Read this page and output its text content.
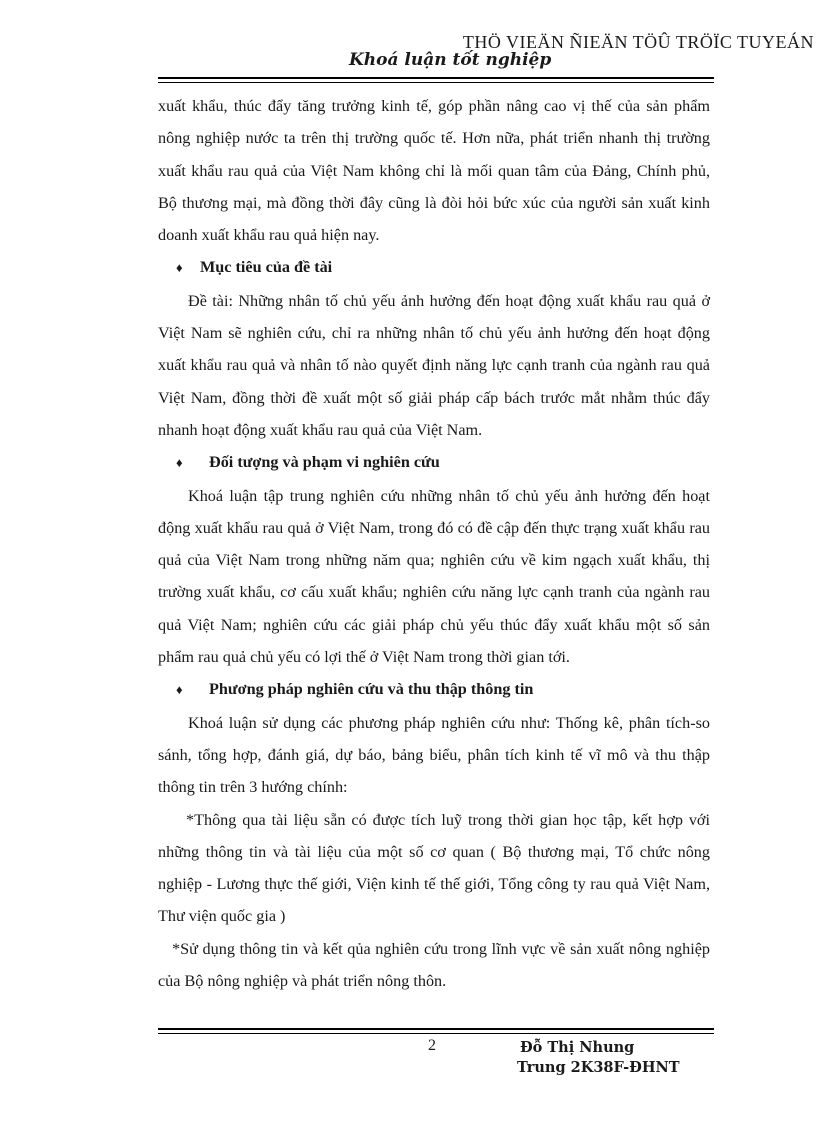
THÖ VIEÄN ÑIEÄN TÖÛ TRÖÏC TUYEÁN
Khoá luận tốt nghiệp

xuất khẩu, thúc đẩy tăng trưởng kinh tế, góp phần nâng cao vị thế của sản phẩm nông nghiệp nước ta trên thị trường quốc tế. Hơn nữa, phát triển nhanh thị trường xuất khẩu rau quả của Việt Nam không chỉ là mối quan tâm của Đảng, Chính phủ, Bộ thương mại, mà đồng thời đây cũng là đòi hỏi bức xúc của người sản xuất kinh doanh xuất khẩu rau quả hiện nay.

♦ Mục tiêu của đề tài

Đề tài: Những nhân tố chủ yếu ảnh hưởng đến hoạt động xuất khẩu rau quả ở Việt Nam sẽ nghiên cứu, chỉ ra những nhân tố chủ yếu ảnh hưởng đến hoạt động xuất khẩu rau quả và nhân tố nào quyết định năng lực cạnh tranh của ngành rau quả Việt Nam, đồng thời đề xuất một số giải pháp cấp bách trước mắt nhằm thúc đẩy nhanh hoạt động xuất khẩu rau quả của Việt Nam.

♦ Đối tượng và phạm vi nghiên cứu

Khoá luận tập trung nghiên cứu những nhân tố chủ yếu ảnh hưởng đến hoạt động xuất khẩu rau quả ở Việt Nam, trong đó có đề cập đến thực trạng xuất khẩu rau quả của Việt Nam trong những năm qua; nghiên cứu về kim ngạch xuất khẩu, thị trường xuất khẩu, cơ cấu xuất khẩu; nghiên cứu năng lực cạnh tranh của ngành rau quả Việt Nam; nghiên cứu các giải pháp chủ yếu thúc đẩy xuất khẩu một số sản phẩm rau quả chủ yếu có lợi thế ở Việt Nam trong thời gian tới.

♦ Phương pháp nghiên cứu và thu thập thông tin

Khoá luận sử dụng các phương pháp nghiên cứu như: Thống kê, phân tích-so sánh, tổng hợp, đánh giá, dự báo, bảng biểu, phân tích kinh tế vĩ mô và thu thập thông tin trên 3 hướng chính:

*Thông qua tài liệu sẵn có được tích luỹ trong thời gian học tập, kết hợp với những thông tin và tài liệu của một số cơ quan ( Bộ thương mại, Tổ chức nông nghiệp - Lương thực thế giới, Viện kinh tế thế giới, Tổng công ty rau quả Việt Nam, Thư viện quốc gia )

*Sử dụng thông tin và kết qủa nghiên cứu trong lĩnh vực về sản xuất nông nghiệp của Bộ nông nghiệp và phát triển nông thôn.

2	Đỗ Thị Nhung
Trung 2K38F-ĐHNT
